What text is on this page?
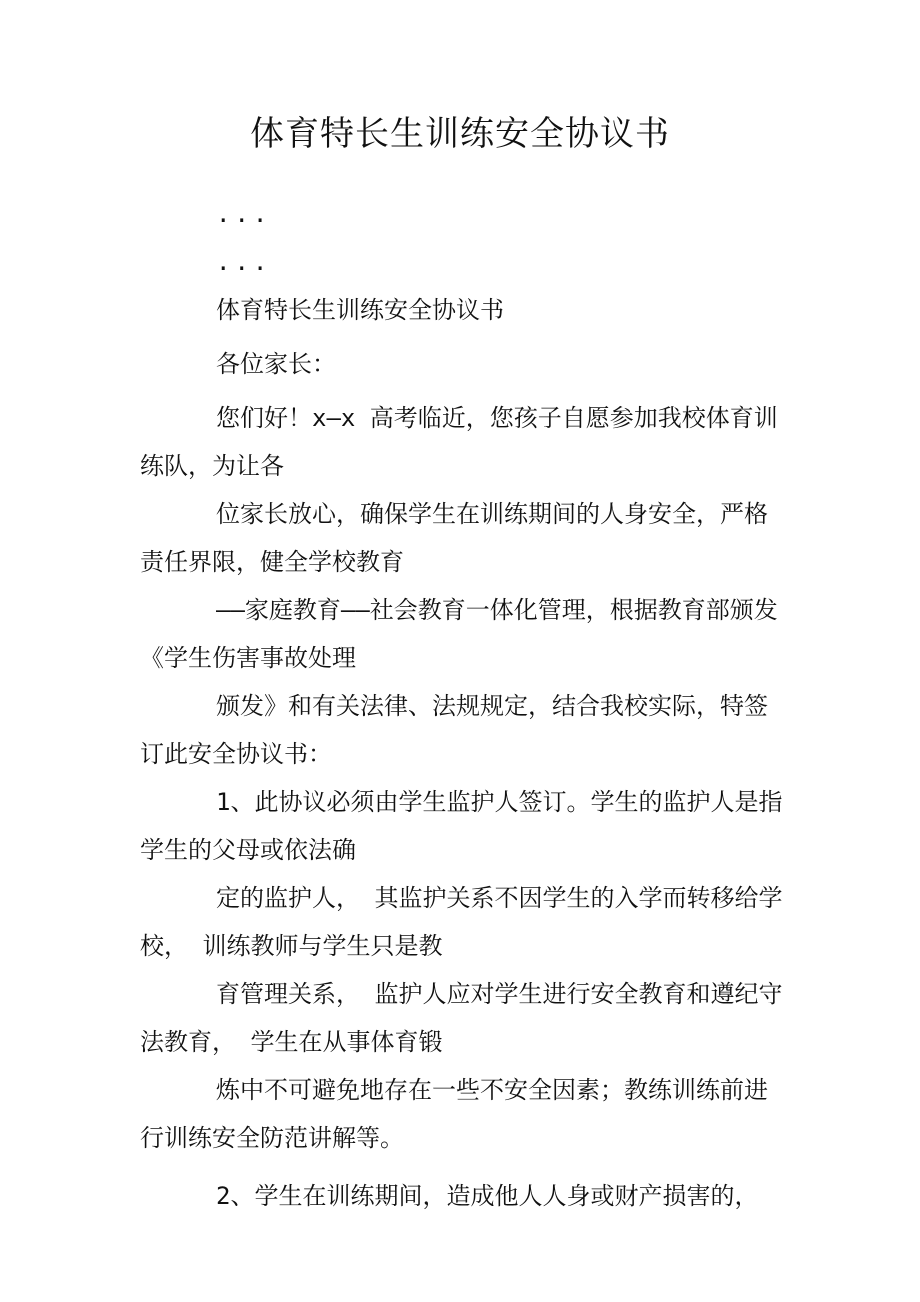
体育特长生训练安全协议书

...

...

体育特长生训练安全协议书

各位家长：

您们好！x—x 高考临近，您孩子自愿参加我校体育训练队，为让各

位家长放心，确保学生在训练期间的人身安全，严格责任界限，健全学校教育

——家庭教育——社会教育一体化管理，根据教育部颁发《学生伤害事故处理

颁发》和有关法律、法规规定，结合我校实际，特签订此安全协议书：

1、此协议必须由学生监护人签订。学生的监护人是指学生的父母或依法确

定的监护人， 其监护关系不因学生的入学而转移给学校， 训练教师与学生只是教

育管理关系， 监护人应对学生进行安全教育和遵纪守法教育， 学生在从事体育锻

炼中不可避免地存在一些不安全因素；教练训练前进行训练安全防范讲解等。

2、学生在训练期间，造成他人人身或财产损害的，
